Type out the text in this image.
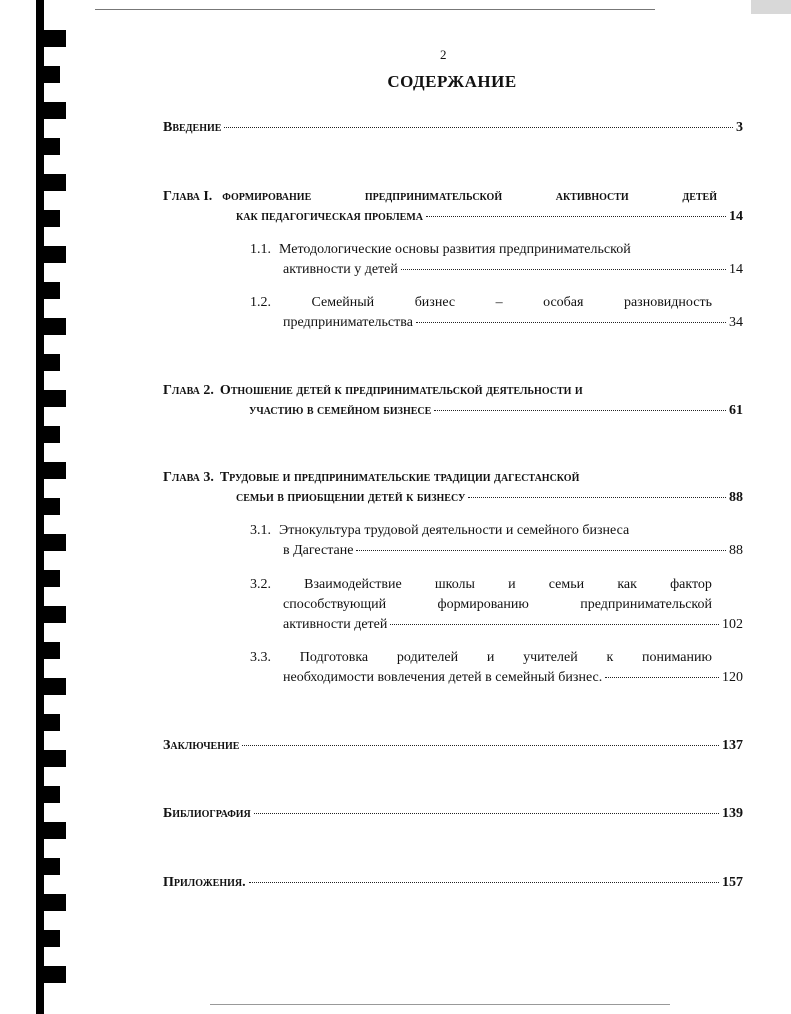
2
СОДЕРЖАНИЕ
Введение	3
Глава I. формирование предпринимательской активности детей
как педагогическая проблема	14
1.1. Методологические основы развития предпринимательской
активности у детей	14
1.2.	Семейный	бизнес	–	особая	разновидность
предпринимательства	34
Глава 2. Отношение детей к предпринимательской деятельности и
участию в семейном бизнесе	61
Глава 3. Трудовые и предпринимательские традиции дагестанской
семьи в приобщении детей к бизнесу	88
3.1. Этнокультура трудовой деятельности и семейного бизнеса
в Дагестане	88
3.2. Взаимодействие школы и семьи как фактор
способствующий	формированию	предпринимательской
активности детей	102
3.3. Подготовка родителей и учителей к пониманию
необходимости вовлечения детей в семейный бизнес.	120
Заключение	137
Библиография	139
Приложения.	157
